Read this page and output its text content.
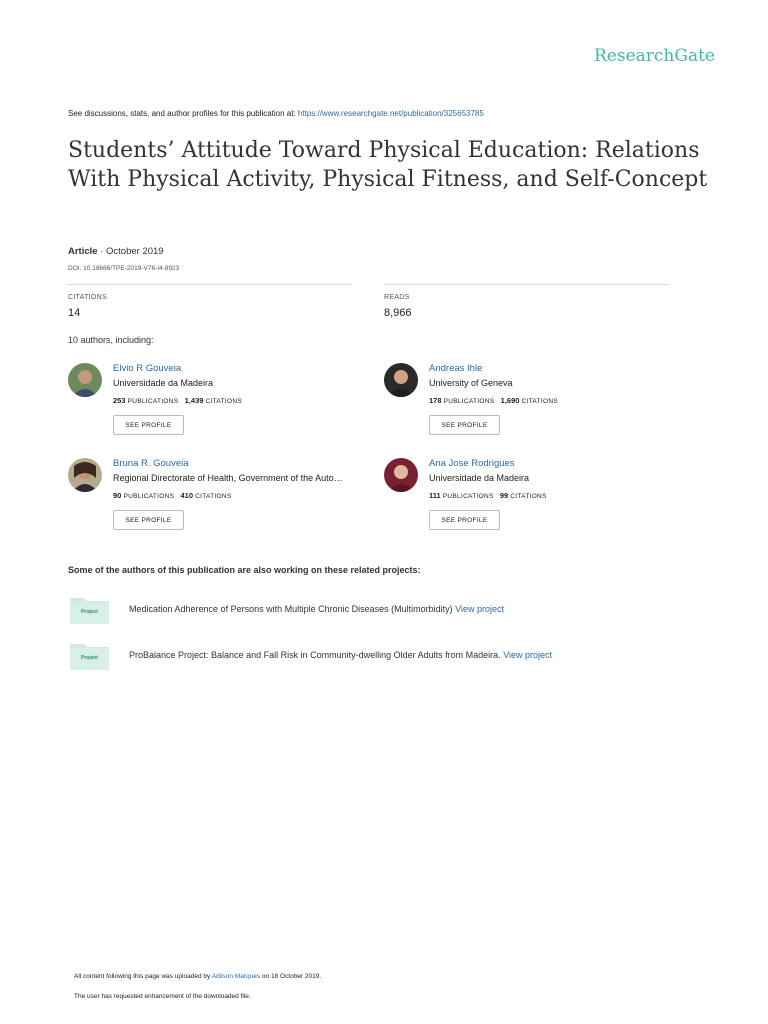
ResearchGate
See discussions, stats, and author profiles for this publication at: https://www.researchgate.net/publication/325653785
Students’ Attitude Toward Physical Education: Relations With Physical Activity, Physical Fitness, and Self-Concept
Article · October 2019
DOI: 10.18666/TPE-2019-V76-I4-8923
CITATIONS
14
READS
8,966
10 authors, including:
Elvio R Gouveia
Universidade da Madeira
253 PUBLICATIONS 1,439 CITATIONS
SEE PROFILE
Andreas Ihle
University of Geneva
178 PUBLICATIONS 1,690 CITATIONS
SEE PROFILE
Bruna R. Gouveia
Regional Directorate of Health, Government of the Auto…
90 PUBLICATIONS 410 CITATIONS
SEE PROFILE
Ana Jose Rodrigues
Universidade da Madeira
111 PUBLICATIONS 99 CITATIONS
SEE PROFILE
Some of the authors of this publication are also working on these related projects:
Project	Medication Adherence of Persons with Multiple Chronic Diseases (Multimorbidity) View project
Project	ProBalance Project: Balance and Fall Risk in Community-dwelling Older Adults from Madeira. View project
All content following this page was uploaded by Adilson Marques on 18 October 2019.
The user has requested enhancement of the downloaded file.
